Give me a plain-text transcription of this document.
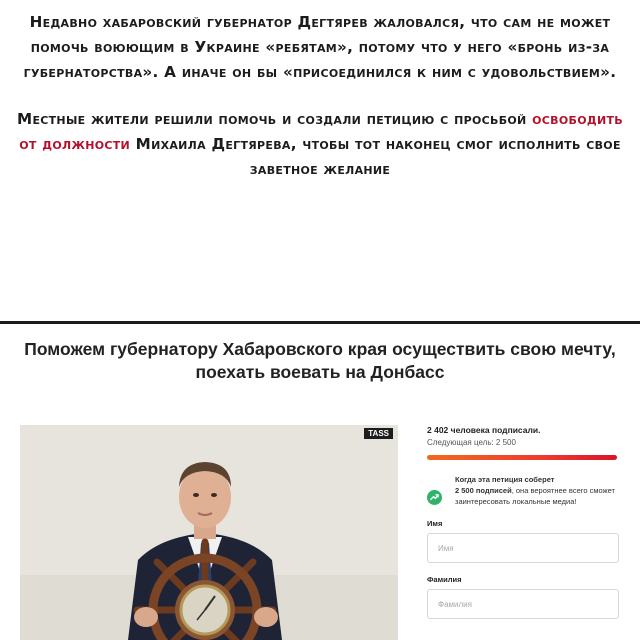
Недавно хабаровский губернатор Дегтярев жаловался, что сам не может помочь воюющим в Украине «ребятам», потому что у него «бронь из-за губернаторства». А иначе он бы «присоединился к ним с удовольствием».

Местные жители решили помочь и создали петицию с просьбой освободить от должности Михаила Дегтярева, чтобы тот наконец смог исполнить свое заветное желание

Поможем губернатору Хабаровского края осуществить свою мечту, поехать воевать на Донбасс
TASS	2 402 человека подписали.
Следующая цель: 2 500
Когда эта петиция соберет
2 500 подписей, она вероятнее всего сможет заинтересовать локальные медиа!
Имя
Имя
Фамилия
Фамилия
